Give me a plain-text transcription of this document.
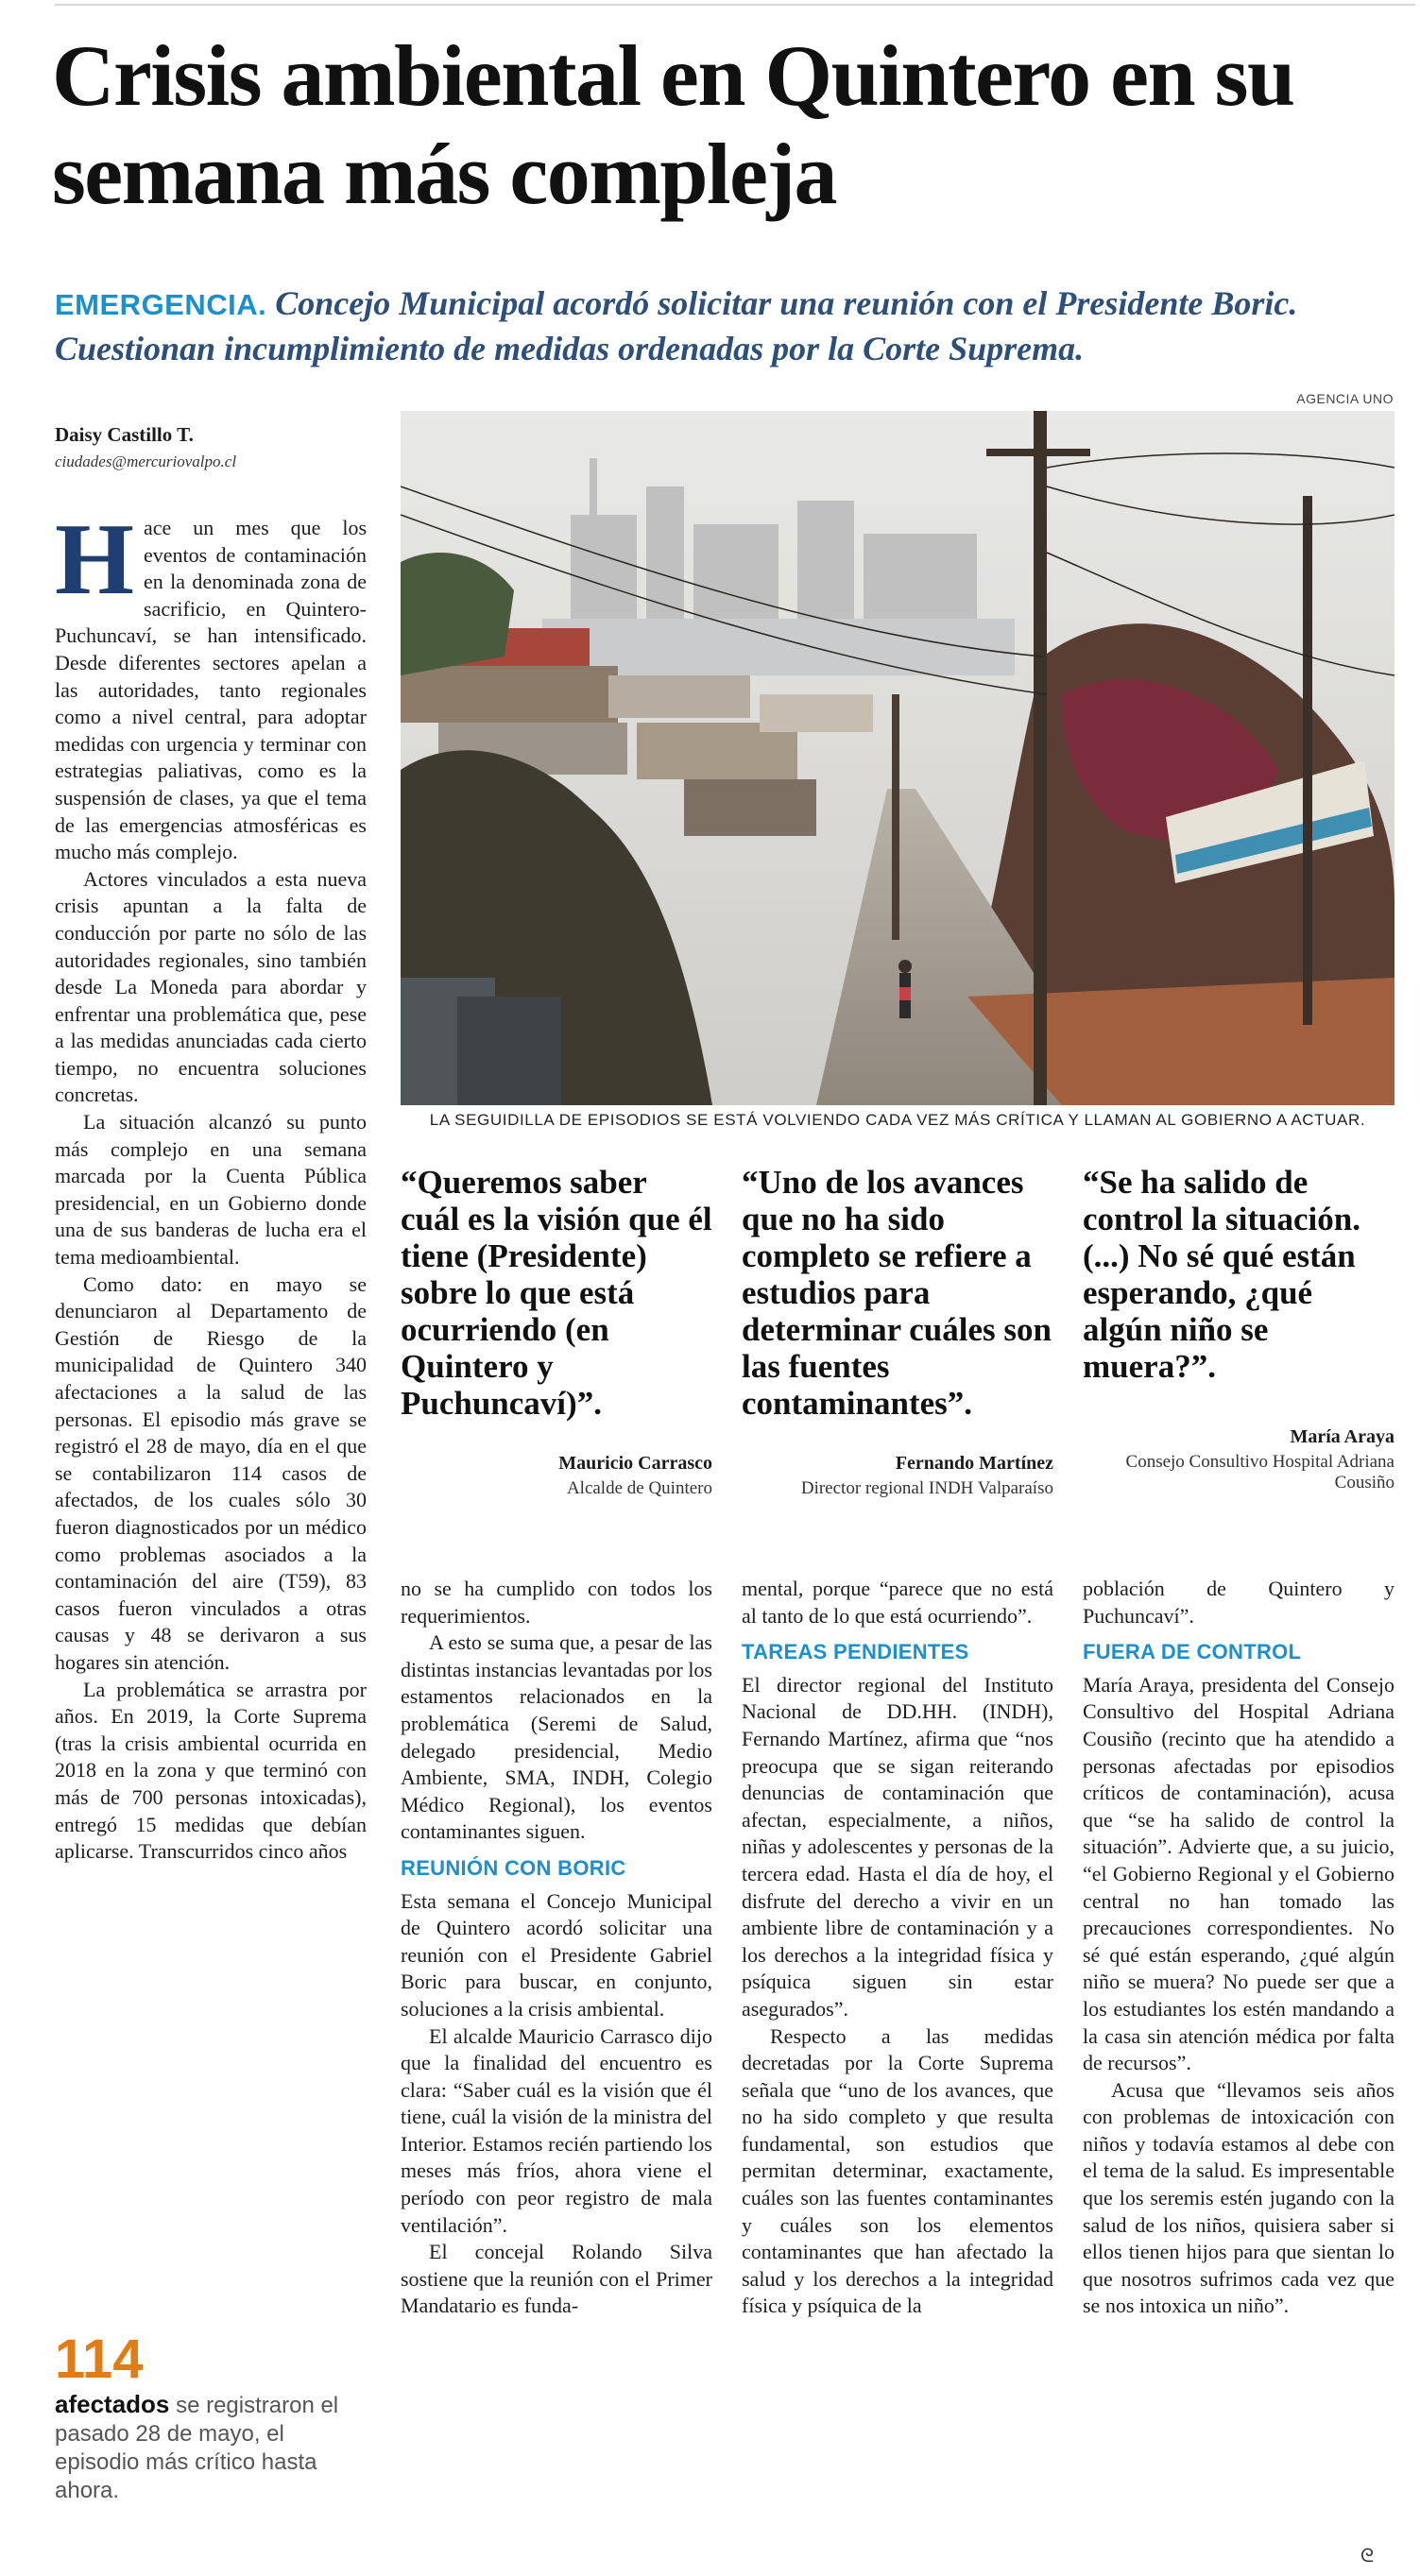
Crisis ambiental en Quintero en su semana más compleja

EMERGENCIA. Concejo Municipal acordó solicitar una reunión con el Presidente Boric. Cuestionan incumplimiento de medidas ordenadas por la Corte Suprema.

AGENCIA UNO
Daisy Castillo T.
ciudades@mercuriovalpo.cl

Hace un mes que los eventos de contaminación en la denominada zona de sacrificio, en Quintero-Puchuncaví, se han intensificado. Desde diferentes sectores apelan a las autoridades, tanto regionales como a nivel central, para adoptar medidas con urgencia y terminar con estrategias paliativas, como es la suspensión de clases, ya que el tema de las emergencias atmosféricas es mucho más complejo.

Actores vinculados a esta nueva crisis apuntan a la falta de conducción por parte no sólo de las autoridades regionales, sino también desde La Moneda para abordar y enfrentar una problemática que, pese a las medidas anunciadas cada cierto tiempo, no encuentra soluciones concretas.

La situación alcanzó su punto más complejo en una semana marcada por la Cuenta Pública presidencial, en un Gobierno donde una de sus banderas de lucha era el tema medioambiental.

Como dato: en mayo se denunciaron al Departamento de Gestión de Riesgo de la municipalidad de Quintero 340 afectaciones a la salud de las personas. El episodio más grave se registró el 28 de mayo, día en el que se contabilizaron 114 casos de afectados, de los cuales sólo 30 fueron diagnosticados por un médico como problemas asociados a la contaminación del aire (T59), 83 casos fueron vinculados a otras causas y 48 se derivaron a sus hogares sin atención.

La problemática se arrastra por años. En 2019, la Corte Suprema (tras la crisis ambiental ocurrida en 2018 en la zona y que terminó con más de 700 personas intoxicadas), entregó 15 medidas que debían aplicarse. Transcurridos cinco años

114
afectados se registraron el pasado 28 de mayo, el episodio más crítico hasta ahora.
LA SEGUIDILLA DE EPISODIOS SE ESTÁ VOLVIENDO CADA VEZ MÁS CRÍTICA Y LLAMAN AL GOBIERNO A ACTUAR.

“Queremos saber cuál es la visión que él tiene (Presidente) sobre lo que está ocurriendo (en Quintero y Puchuncaví)”.

Mauricio Carrasco
Alcalde de Quintero

“Uno de los avances que no ha sido completo se refiere a estudios para determinar cuáles son las fuentes contaminantes”.

Fernando Martínez
Director regional INDH Valparaíso

“Se ha salido de control la situación. (...) No sé qué están esperando, ¿qué algún niño se muera?”.

María Araya
Consejo Consultivo Hospital Adriana Cousiño

no se ha cumplido con todos los requerimientos.

A esto se suma que, a pesar de las distintas instancias levantadas por los estamentos relacionados en la problemática (Seremi de Salud, delegado presidencial, Medio Ambiente, SMA, INDH, Colegio Médico Regional), los eventos contaminantes siguen.

REUNIÓN CON BORIC

Esta semana el Concejo Municipal de Quintero acordó solicitar una reunión con el Presidente Gabriel Boric para buscar, en conjunto, soluciones a la crisis ambiental.

El alcalde Mauricio Carrasco dijo que la finalidad del encuentro es clara: “Saber cuál es la visión que él tiene, cuál la visión de la ministra del Interior. Estamos recién partiendo los meses más fríos, ahora viene el período con peor registro de mala ventilación”.

El concejal Rolando Silva sostiene que la reunión con el Primer Mandatario es funda-

mental, porque “parece que no está al tanto de lo que está ocurriendo”.

TAREAS PENDIENTES

El director regional del Instituto Nacional de DD.HH. (INDH), Fernando Martínez, afirma que “nos preocupa que se sigan reiterando denuncias de contaminación que afectan, especialmente, a niños, niñas y adolescentes y personas de la tercera edad. Hasta el día de hoy, el disfrute del derecho a vivir en un ambiente libre de contaminación y a los derechos a la integridad física y psíquica siguen sin estar asegurados”.

Respecto a las medidas decretadas por la Corte Suprema señala que “uno de los avances, que no ha sido completo y que resulta fundamental, son estudios que permitan determinar, exactamente, cuáles son las fuentes contaminantes y cuáles son los elementos contaminantes que han afectado la salud y los derechos a la integridad física y psíquica de la

población de Quintero y Puchuncaví”.

FUERA DE CONTROL

María Araya, presidenta del Consejo Consultivo del Hospital Adriana Cousiño (recinto que ha atendido a personas afectadas por episodios críticos de contaminación), acusa que “se ha salido de control la situación”. Advierte que, a su juicio, “el Gobierno Regional y el Gobierno central no han tomado las precauciones correspondientes. No sé qué están esperando, ¿qué algún niño se muera? No puede ser que a los estudiantes los estén mandando a la casa sin atención médica por falta de recursos”.

Acusa que “llevamos seis años con problemas de intoxicación con niños y todavía estamos al debe con el tema de la salud. Es impresentable que los seremis estén jugando con la salud de los niños, quisiera saber si ellos tienen hijos para que sientan lo que nosotros sufrimos cada vez que se nos intoxica un niño”.

ᘓ
